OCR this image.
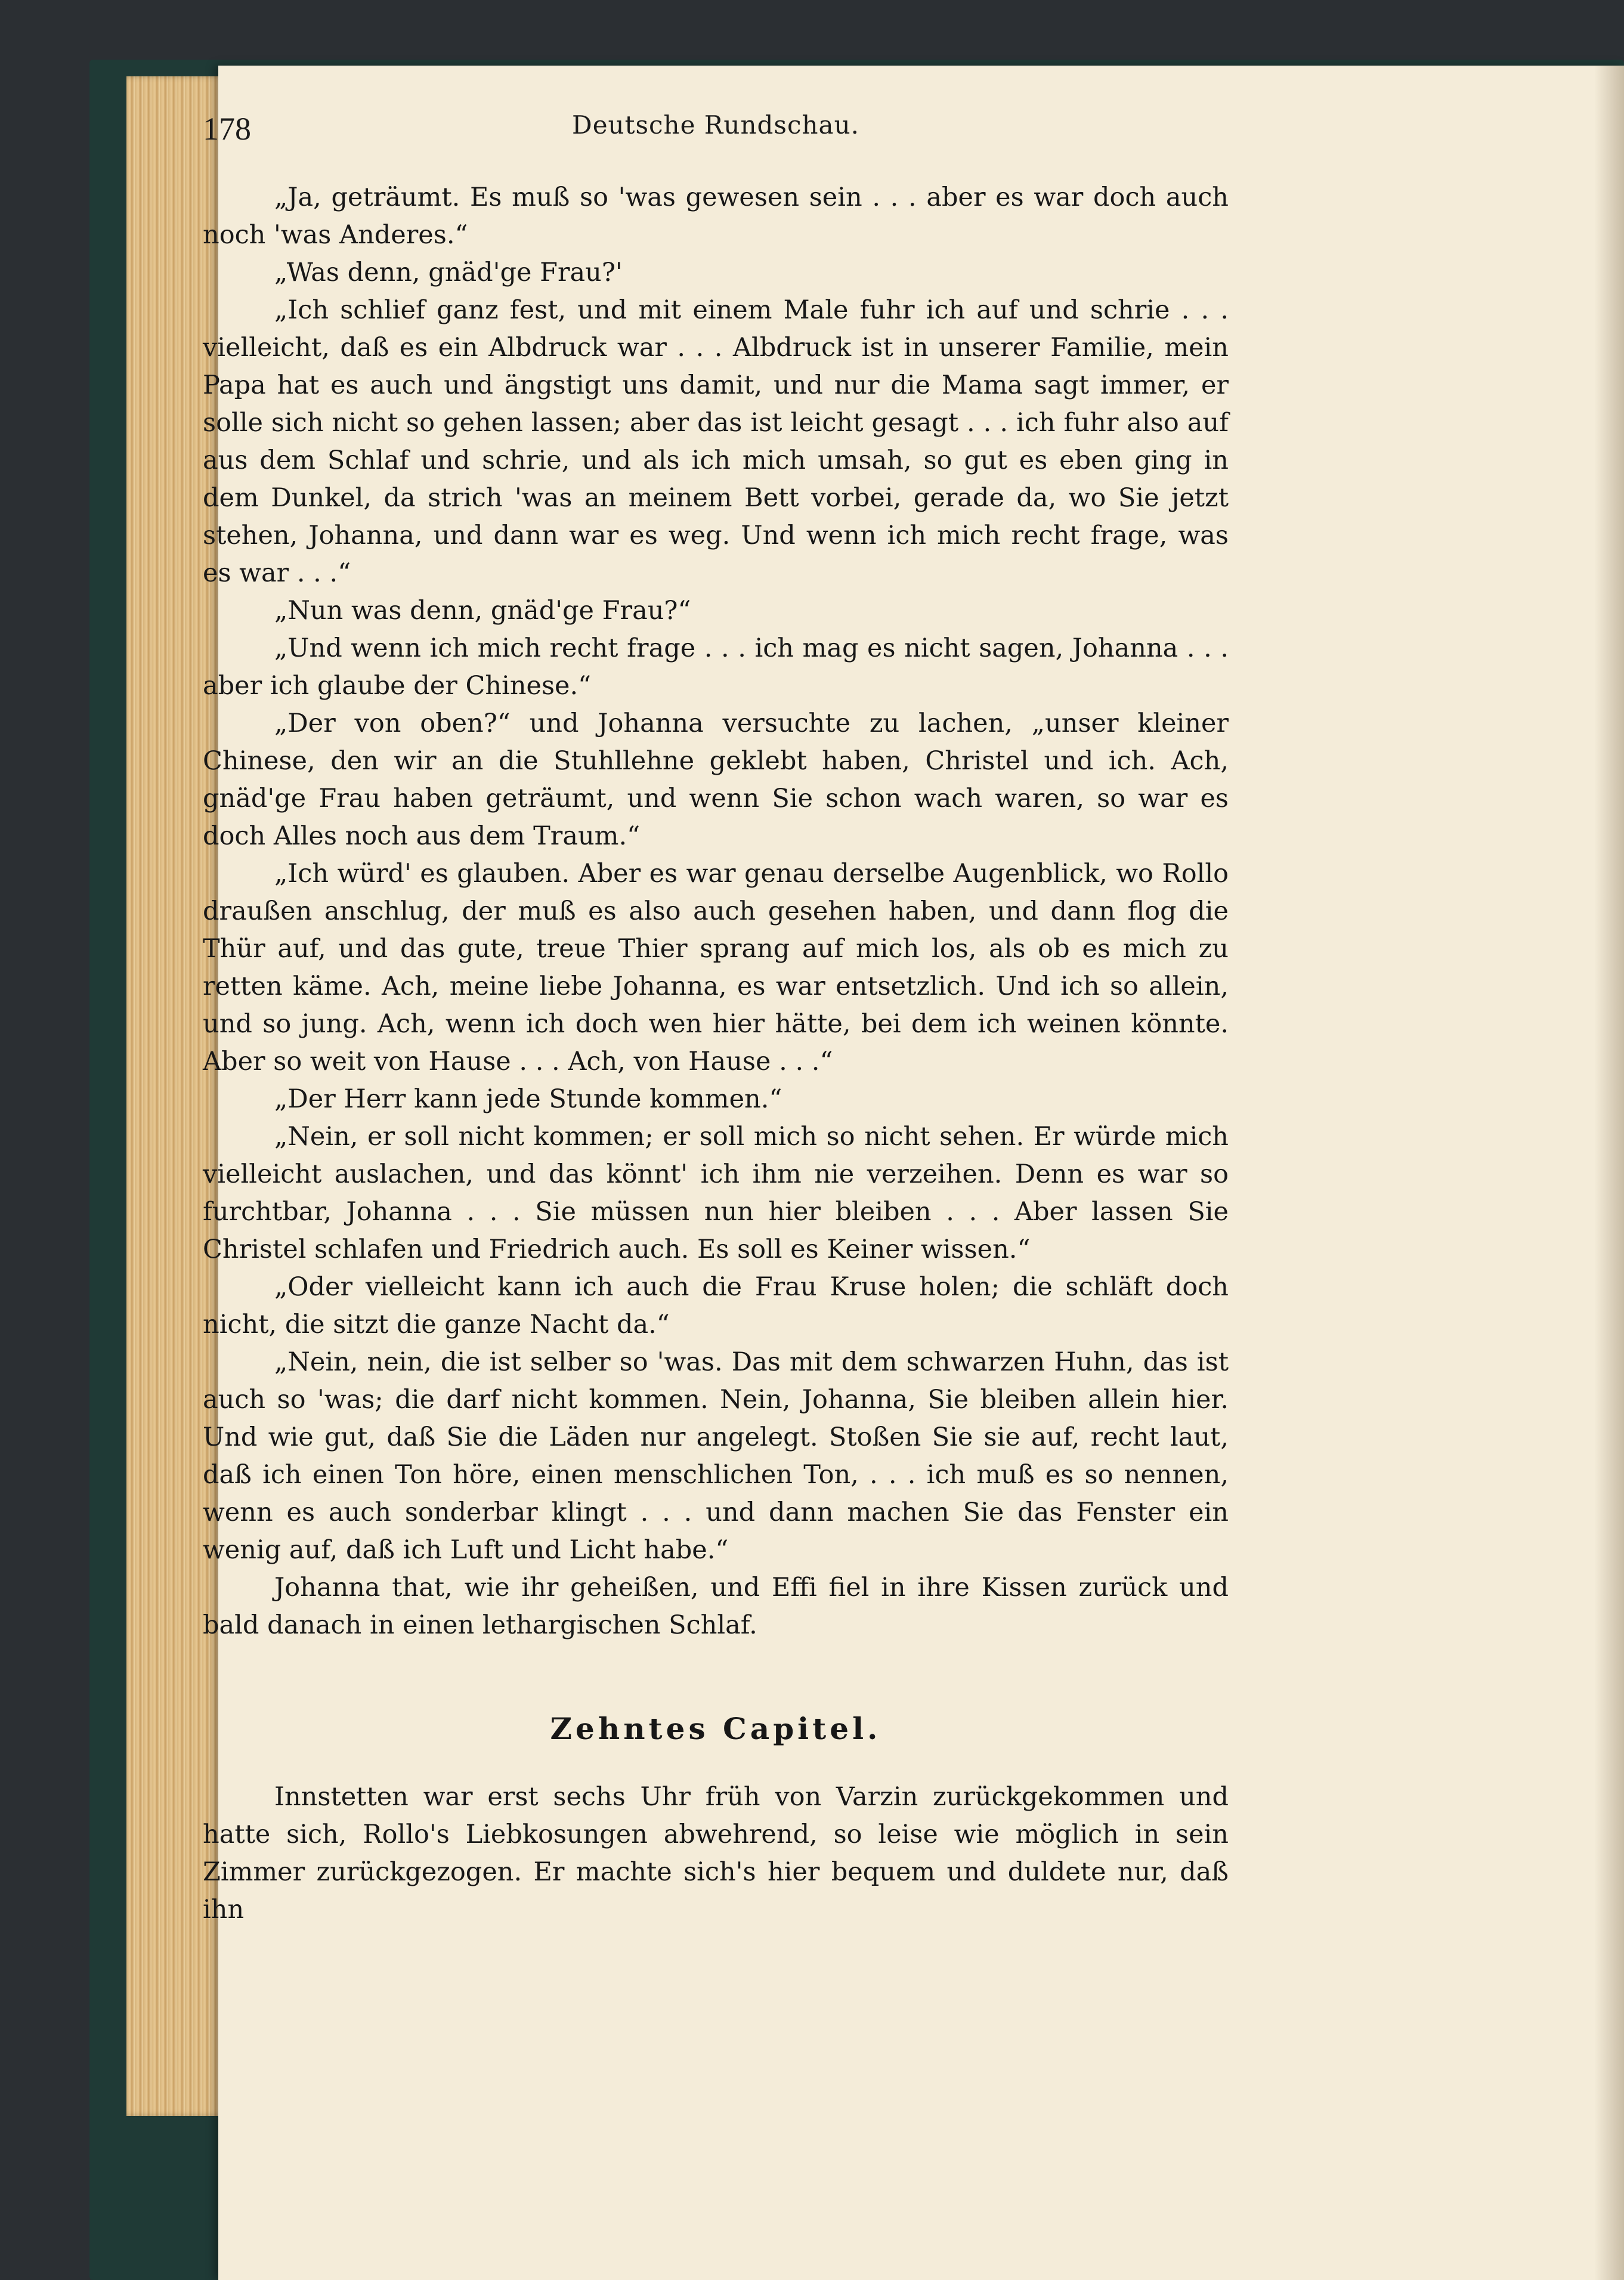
178	Deutsche Rundschau.

„Ja, geträumt. Es muß so 'was gewesen sein . . . aber es war doch auch noch 'was Anderes.“

„Was denn, gnäd'ge Frau?'

„Ich schlief ganz fest, und mit einem Male fuhr ich auf und schrie . . . vielleicht, daß es ein Albdruck war . . . Albdruck ist in unserer Familie, mein Papa hat es auch und ängstigt uns damit, und nur die Mama sagt immer, er solle sich nicht so gehen lassen; aber das ist leicht gesagt . . . ich fuhr also auf aus dem Schlaf und schrie, und als ich mich umsah, so gut es eben ging in dem Dunkel, da strich 'was an meinem Bett vorbei, gerade da, wo Sie jetzt stehen, Johanna, und dann war es weg. Und wenn ich mich recht frage, was es war . . .“

„Nun was denn, gnäd'ge Frau?“

„Und wenn ich mich recht frage . . . ich mag es nicht sagen, Johanna . . . aber ich glaube der Chinese.“

„Der von oben?“ und Johanna versuchte zu lachen, „unser kleiner Chinese, den wir an die Stuhllehne geklebt haben, Christel und ich. Ach, gnäd'ge Frau haben geträumt, und wenn Sie schon wach waren, so war es doch Alles noch aus dem Traum.“

„Ich würd' es glauben. Aber es war genau derselbe Augenblick, wo Rollo draußen anschlug, der muß es also auch gesehen haben, und dann flog die Thür auf, und das gute, treue Thier sprang auf mich los, als ob es mich zu retten käme. Ach, meine liebe Johanna, es war entsetzlich. Und ich so allein, und so jung. Ach, wenn ich doch wen hier hätte, bei dem ich weinen könnte. Aber so weit von Hause . . . Ach, von Hause . . .“

„Der Herr kann jede Stunde kommen.“

„Nein, er soll nicht kommen; er soll mich so nicht sehen. Er würde mich vielleicht auslachen, und das könnt' ich ihm nie verzeihen. Denn es war so furchtbar, Johanna . . . Sie müssen nun hier bleiben . . . Aber lassen Sie Christel schlafen und Friedrich auch. Es soll es Keiner wissen.“

„Oder vielleicht kann ich auch die Frau Kruse holen; die schläft doch nicht, die sitzt die ganze Nacht da.“

„Nein, nein, die ist selber so 'was. Das mit dem schwarzen Huhn, das ist auch so 'was; die darf nicht kommen. Nein, Johanna, Sie bleiben allein hier. Und wie gut, daß Sie die Läden nur angelegt. Stoßen Sie sie auf, recht laut, daß ich einen Ton höre, einen menschlichen Ton, . . . ich muß es so nennen, wenn es auch sonderbar klingt . . . und dann machen Sie das Fenster ein wenig auf, daß ich Luft und Licht habe.“

Johanna that, wie ihr geheißen, und Effi fiel in ihre Kissen zurück und bald danach in einen lethargischen Schlaf.

Zehntes Capitel.

Innstetten war erst sechs Uhr früh von Varzin zurückgekommen und hatte sich, Rollo's Liebkosungen abwehrend, so leise wie möglich in sein Zimmer zurückgezogen. Er machte sich's hier bequem und duldete nur, daß ihn
